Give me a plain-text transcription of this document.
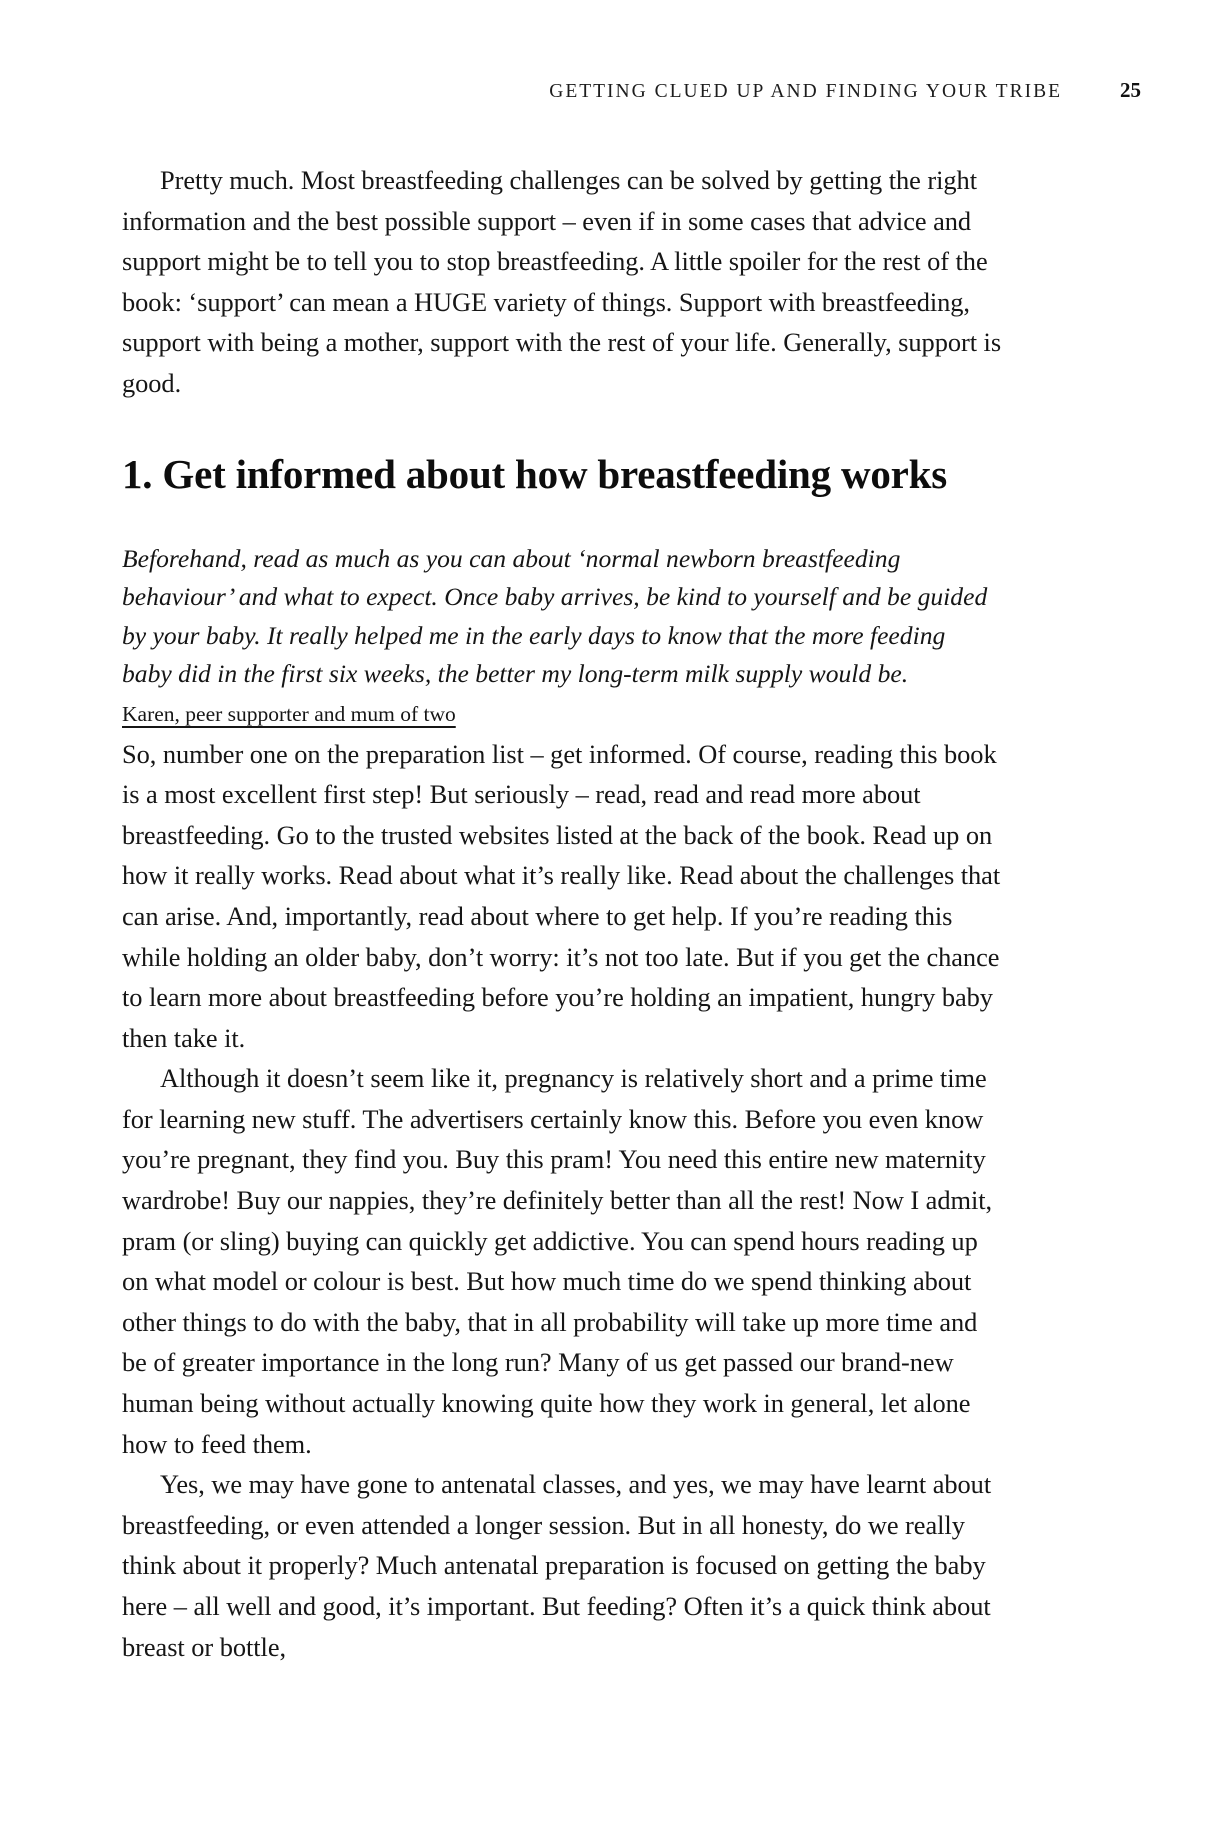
GETTING CLUED UP AND FINDING YOUR TRIBE	25

Pretty much. Most breastfeeding challenges can be solved by getting the right information and the best possible support – even if in some cases that advice and support might be to tell you to stop breastfeeding. A little spoiler for the rest of the book: ‘support’ can mean a HUGE variety of things. Support with breastfeeding, support with being a mother, support with the rest of your life. Generally, support is good.

1. Get informed about how breastfeeding works
Beforehand, read as much as you can about ‘normal newborn breastfeeding behaviour’ and what to expect. Once baby arrives, be kind to yourself and be guided by your baby. It really helped me in the early days to know that the more feeding baby did in the first six weeks, the better my long-term milk supply would be. Karen, peer supporter and mum of two

So, number one on the preparation list – get informed. Of course, reading this book is a most excellent first step! But seriously – read, read and read more about breastfeeding. Go to the trusted websites listed at the back of the book. Read up on how it really works. Read about what it’s really like. Read about the challenges that can arise. And, importantly, read about where to get help. If you’re reading this while holding an older baby, don’t worry: it’s not too late. But if you get the chance to learn more about breastfeeding before you’re holding an impatient, hungry baby then take it.

Although it doesn’t seem like it, pregnancy is relatively short and a prime time for learning new stuff. The advertisers certainly know this. Before you even know you’re pregnant, they find you. Buy this pram! You need this entire new maternity wardrobe! Buy our nappies, they’re definitely better than all the rest! Now I admit, pram (or sling) buying can quickly get addictive. You can spend hours reading up on what model or colour is best. But how much time do we spend thinking about other things to do with the baby, that in all probability will take up more time and be of greater importance in the long run? Many of us get passed our brand-new human being without actually knowing quite how they work in general, let alone how to feed them.

Yes, we may have gone to antenatal classes, and yes, we may have learnt about breastfeeding, or even attended a longer session. But in all honesty, do we really think about it properly? Much antenatal preparation is focused on getting the baby here – all well and good, it’s important. But feeding? Often it’s a quick think about breast or bottle,
